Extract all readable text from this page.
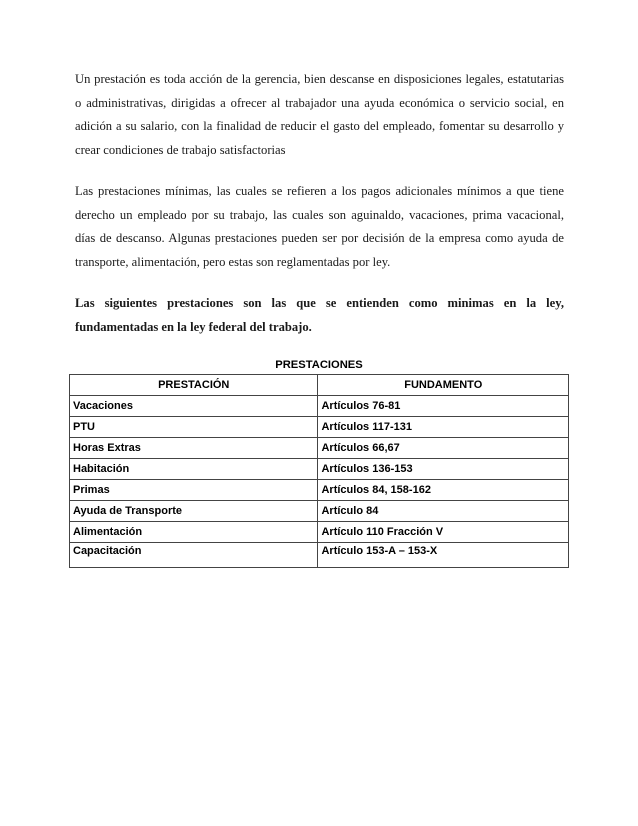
Un prestación es toda acción de la gerencia, bien descanse en disposiciones legales, estatutarias o administrativas, dirigidas a ofrecer al trabajador una ayuda económica o servicio social, en adición a su salario, con la finalidad de reducir el gasto del empleado, fomentar su desarrollo y crear condiciones de trabajo satisfactorias

Las prestaciones mínimas, las cuales se refieren a los pagos adicionales mínimos a que tiene derecho un empleado por su trabajo, las cuales son aguinaldo, vacaciones, prima vacacional, días de descanso. Algunas prestaciones pueden ser por decisión de la empresa como ayuda de transporte, alimentación, pero estas son reglamentadas por ley.

Las siguientes prestaciones son las que se entienden como minimas en la ley, fundamentadas en la ley federal del trabajo.

PRESTACIONES
PRESTACIÓN	FUNDAMENTO
Vacaciones	Artículos 76-81
PTU	Artículos 117-131
Horas Extras	Artículos 66,67
Habitación	Artículos 136-153
Primas	Artículos 84, 158-162
Ayuda de Transporte	Artículo 84
Alimentación	Artículo 110 Fracción V
Capacitación	Artículo 153-A – 153-X
